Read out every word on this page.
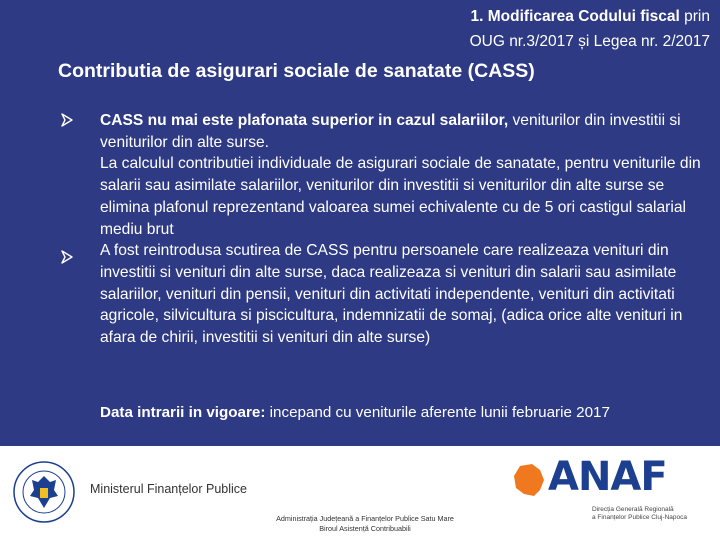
1. Modificarea Codului fiscal prin
OUG nr.3/2017 și Legea nr. 2/2017
Contributia de asigurari sociale de sanatate (CASS)

CASS nu mai este plafonata superior in cazul salariilor, veniturilor din investitii si veniturilor din alte surse.

La calculul contributiei individuale de asigurari sociale de sanatate, pentru veniturile din salarii sau asimilate salariilor, veniturilor din investitii si veniturilor din alte surse se elimina plafonul reprezentand valoarea sumei echivalente cu de 5 ori castigul salarial mediu brut

A fost reintrodusa scutirea de CASS pentru persoanele care realizeaza venituri din investitii si venituri din alte surse, daca realizeaza si venituri din salarii sau asimilate salariilor, venituri din pensii, venituri din activitati independente, venituri din activitati agricole, silvicultura si piscicultura, indemnizatii de somaj, (adica orice alte venituri in afara de chirii, investitii si venituri din alte surse)

Data intrarii in vigoare: incepand cu veniturile aferente lunii februarie 2017
Ministerul Finanțelor Publice
Administrația Județeană a Finanțelor Publice Satu Mare
Biroul Asistență Contribuabili
ANAF
Direcția Generală Regională
a Finanțelor Publice Cluj-Napoca
